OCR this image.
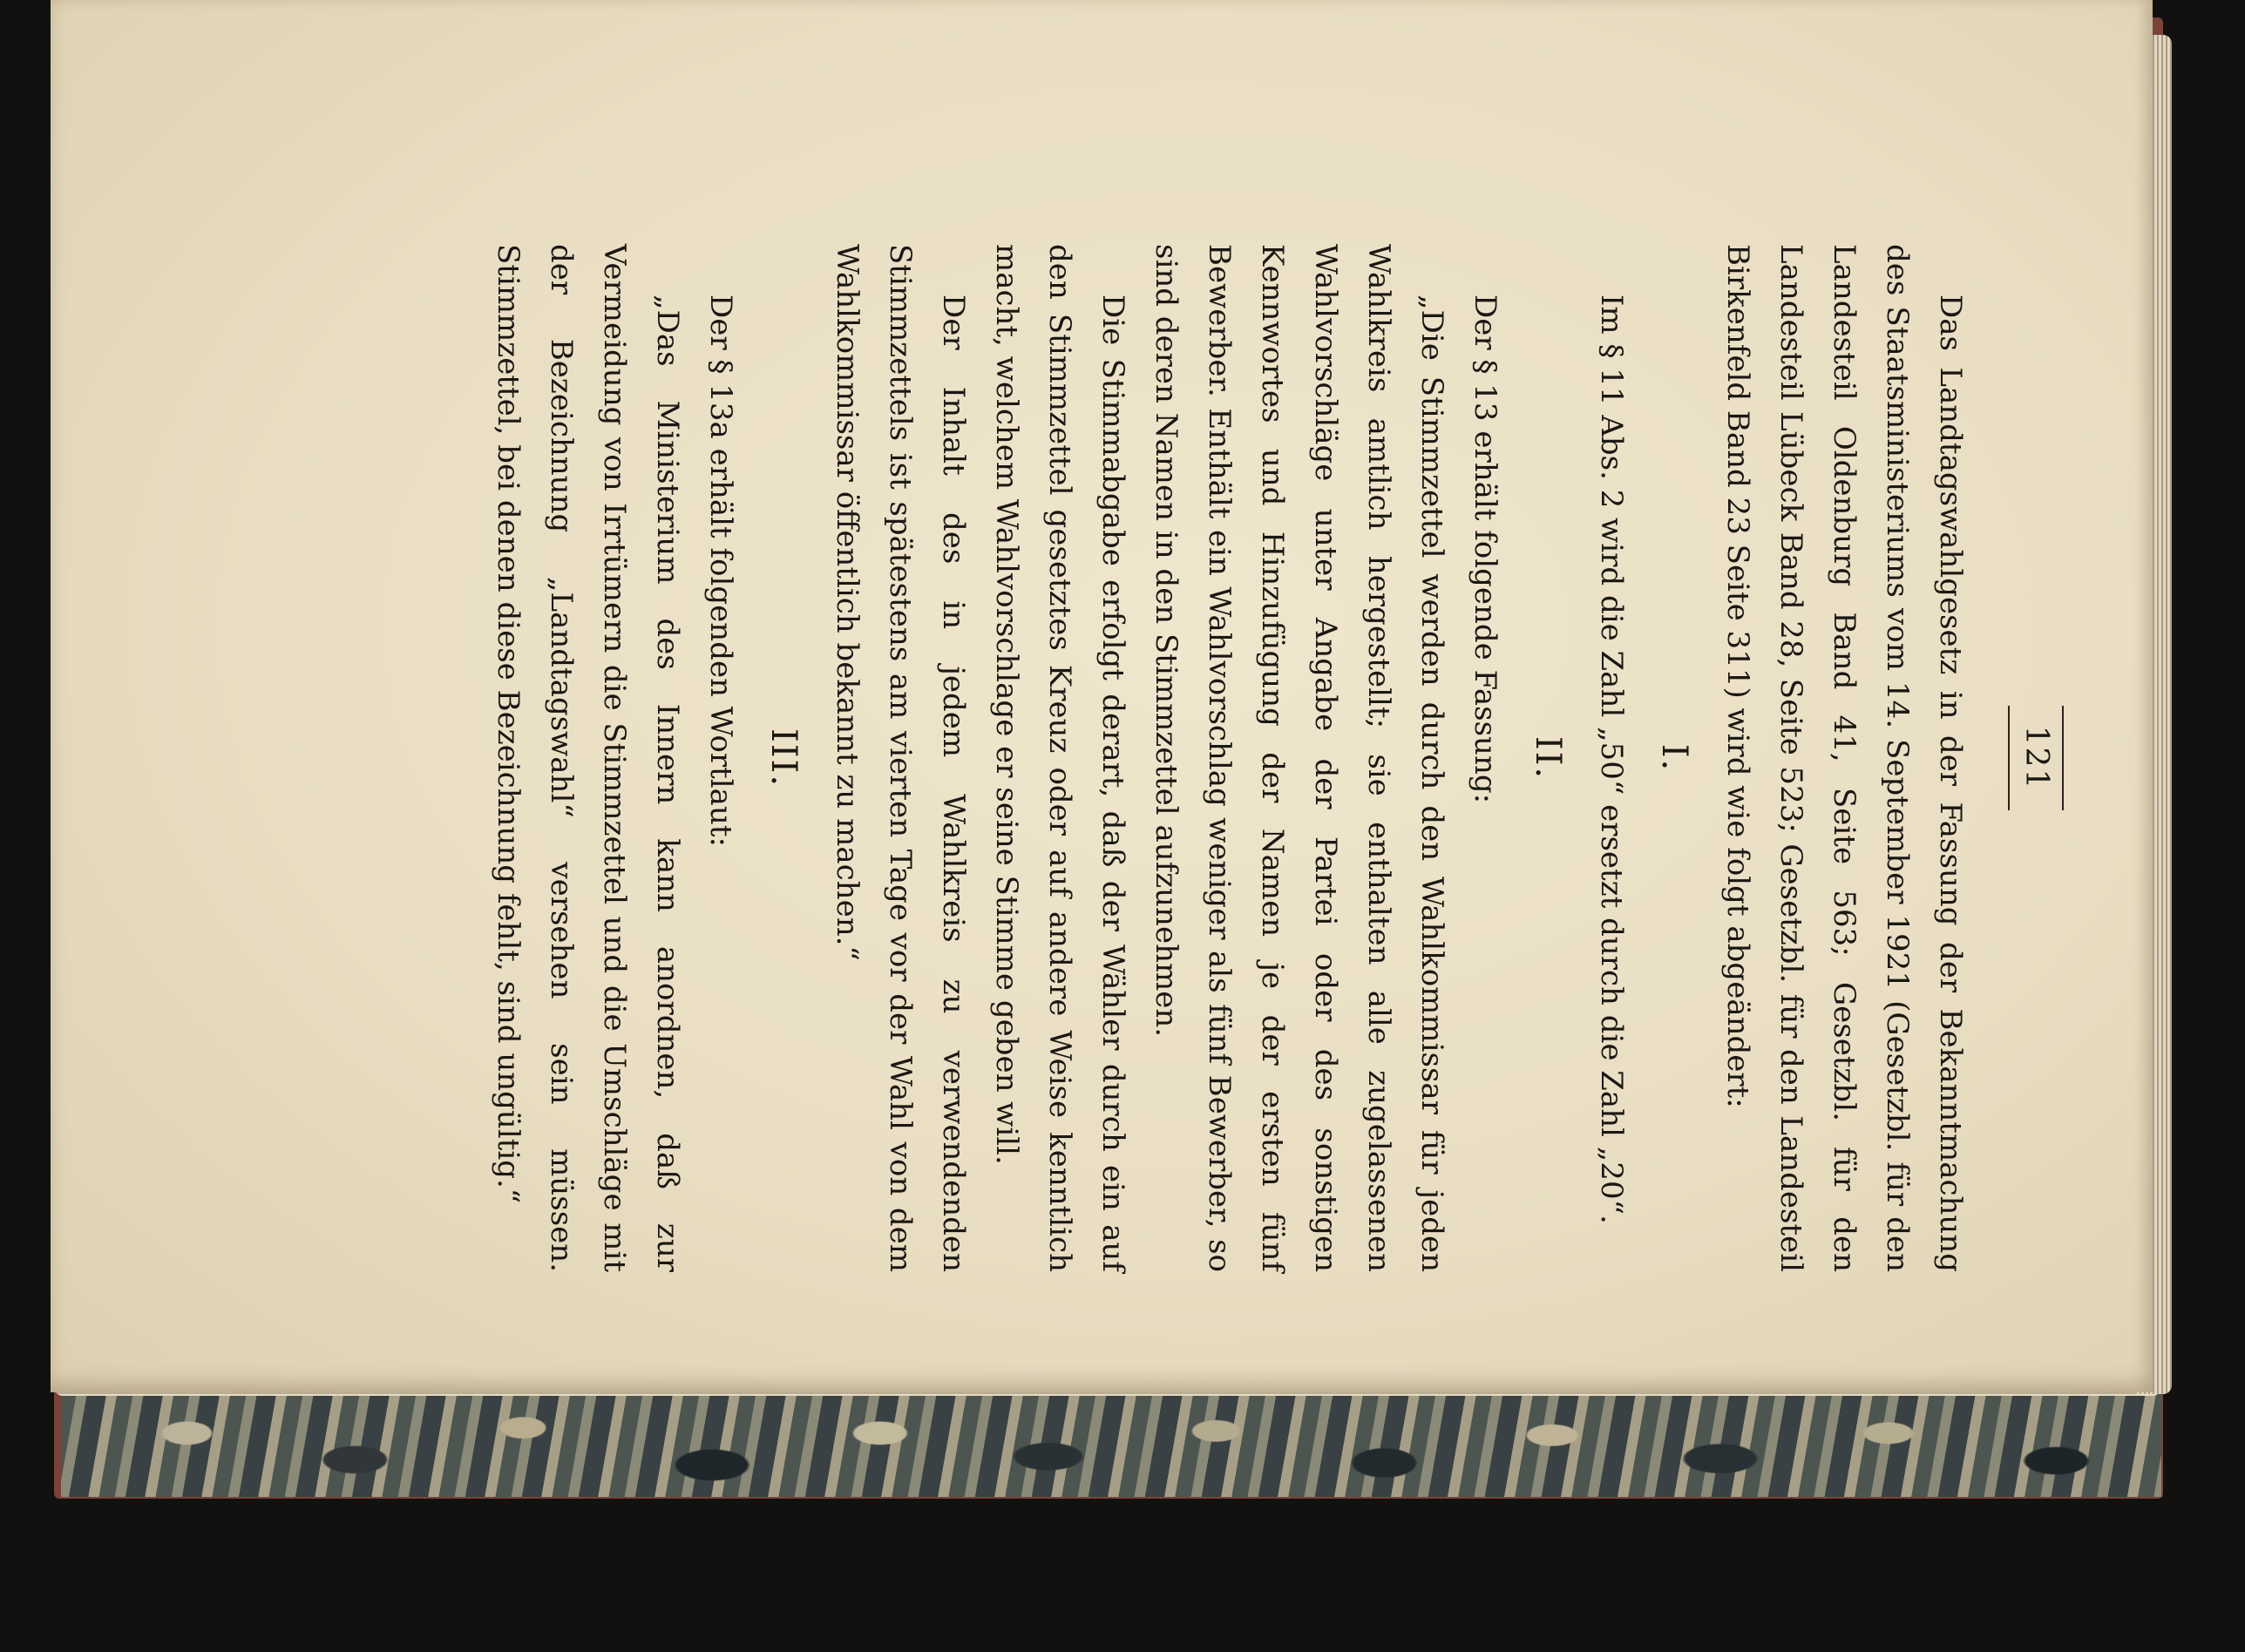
121

Das Landtagswahlgesetz in der Fassung der Bekanntmachung des Staatsministeriums vom 14. September 1921 (Gesetzbl. für den Landesteil Oldenburg Band 41, Seite 563; Gesetzbl. für den Landesteil Lübeck Band 28, Seite 523; Gesetzbl. für den Landesteil Birkenfeld Band 23 Seite 311) wird wie folgt abgeändert:

I.

Im § 11 Abs. 2 wird die Zahl „50“ ersetzt durch die Zahl „20“.

II.

Der § 13 erhält folgende Fassung:

„Die Stimmzettel werden durch den Wahlkommissar für jeden Wahlkreis amtlich hergestellt; sie enthalten alle zugelassenen Wahlvorschläge unter Angabe der Partei oder des sonstigen Kennwortes und Hinzufügung der Namen je der ersten fünf Bewerber. Enthält ein Wahlvorschlag weniger als fünf Bewerber, so sind deren Namen in den Stimmzettel aufzunehmen.

Die Stimmabgabe erfolgt derart, daß der Wähler durch ein auf den Stimmzettel gesetztes Kreuz oder auf andere Weise kenntlich macht, welchem Wahlvorschlage er seine Stimme geben will.

Der Inhalt des in jedem Wahlkreis zu verwendenden Stimmzettels ist spätestens am vierten Tage vor der Wahl von dem Wahlkommissar öffentlich bekannt zu machen.“

III.

Der § 13a erhält folgenden Wortlaut:

„Das Ministerium des Innern kann anordnen, daß zur Vermeidung von Irrtümern die Stimmzettel und die Umschläge mit der Bezeichnung „Landtagswahl“ versehen sein müssen. Stimmzettel, bei denen diese Bezeichnung fehlt, sind ungültig.“
